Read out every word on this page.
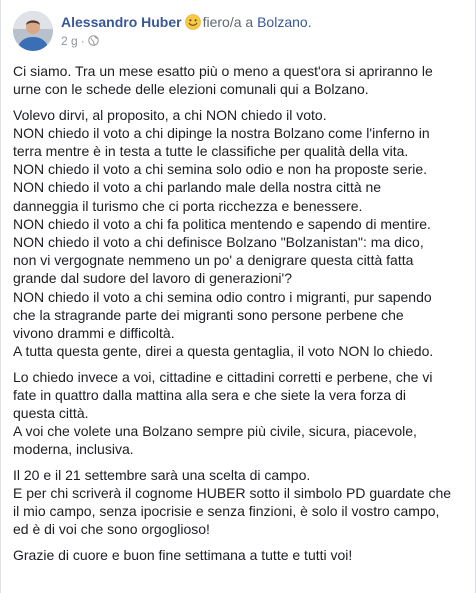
Alessandro Huber fiero/a a Bolzano.
2 g ·

Ci siamo. Tra un mese esatto più o meno a quest'ora si apriranno le
urne con le schede delle elezioni comunali qui a Bolzano.

Volevo dirvi, al proposito, a chi NON chiedo il voto.
NON chiedo il voto a chi dipinge la nostra Bolzano come l'inferno in
terra mentre è in testa a tutte le classifiche per qualità della vita.
NON chiedo il voto a chi semina solo odio e non ha proposte serie.
NON chiedo il voto a chi parlando male della nostra città ne
danneggia il turismo che ci porta ricchezza e benessere.
NON chiedo il voto a chi fa politica mentendo e sapendo di mentire.
NON chiedo il voto a chi definisce Bolzano "Bolzanistan": ma dico,
non vi vergognate nemmeno un po' a denigrare questa città fatta
grande dal sudore del lavoro di generazioni'?
NON chiedo il voto a chi semina odio contro i migranti, pur sapendo
che la stragrande parte dei migranti sono persone perbene che
vivono drammi e difficoltà.
A tutta questa gente, direi a questa gentaglia, il voto NON lo chiedo.

Lo chiedo invece a voi, cittadine e cittadini corretti e perbene, che vi
fate in quattro dalla mattina alla sera e che siete la vera forza di
questa città.
A voi che volete una Bolzano sempre più civile, sicura, piacevole,
moderna, inclusiva.

Il 20 e il 21 settembre sarà una scelta di campo.
E per chi scriverà il cognome HUBER sotto il simbolo PD guardate che
il mio campo, senza ipocrisie e senza finzioni, è solo il vostro campo,
ed è di voi che sono orgoglioso!

Grazie di cuore e buon fine settimana a tutte e tutti voi!
